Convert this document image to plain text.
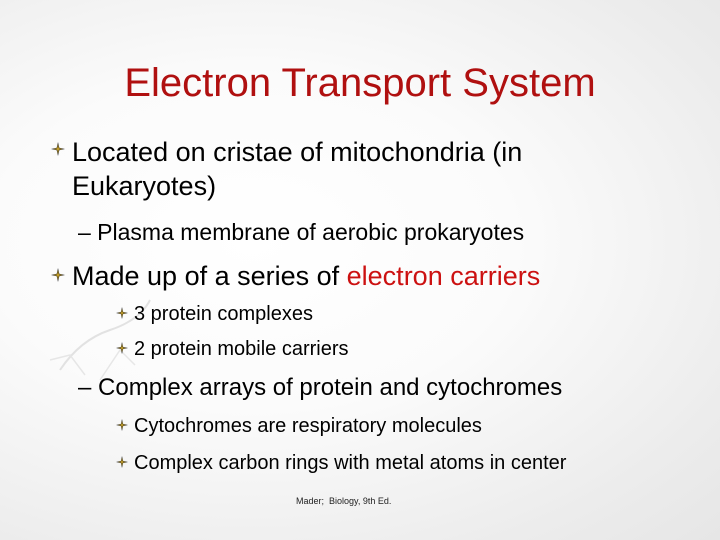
Electron Transport System
Located on cristae of mitochondria (in
Eukaryotes)
– Plasma membrane of aerobic prokaryotes
Made up of a series of electron carriers
3 protein complexes
2 protein mobile carriers
– Complex arrays of protein and cytochromes
Cytochromes are respiratory molecules
Complex carbon rings with metal atoms in center
Mader;  Biology, 9th Ed.
